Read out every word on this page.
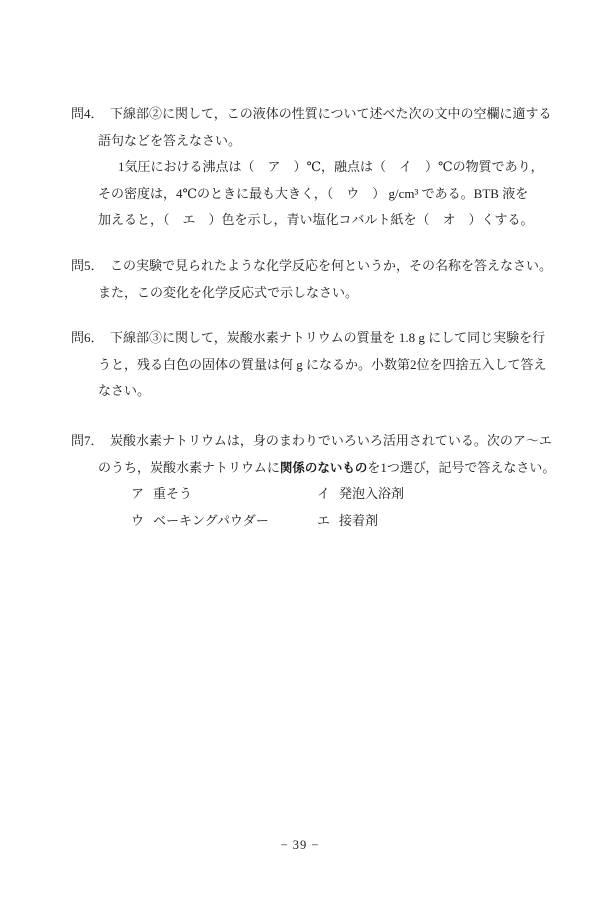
問4． 下線部②に関して，この液体の性質について述べた次の文中の空欄に適する
語句などを答えなさい。
1気圧における沸点は（　ア　）℃，融点は（　イ　）℃の物質であり，
その密度は，4℃のときに最も大きく，（　ウ　） g/cm³ である。BTB 液を
加えると，（　エ　）色を示し，青い塩化コバルト紙を（　オ　）くする。
問5． この実験で見られたような化学反応を何というか，その名称を答えなさい。
また，この変化を化学反応式で示しなさい。
問6． 下線部③に関して，炭酸水素ナトリウムの質量を 1.8 g にして同じ実験を行
うと，残る白色の固体の質量は何 g になるか。小数第2位を四捨五入して答え
なさい。
問7． 炭酸水素ナトリウムは，身のまわりでいろいろ活用されている。次のア～エ
のうち，炭酸水素ナトリウムに関係のないものを1つ選び，記号で答えなさい。
ア 重そう	イ 発泡入浴剤
ウ ベーキングパウダー	エ 接着剤
− 39 −
